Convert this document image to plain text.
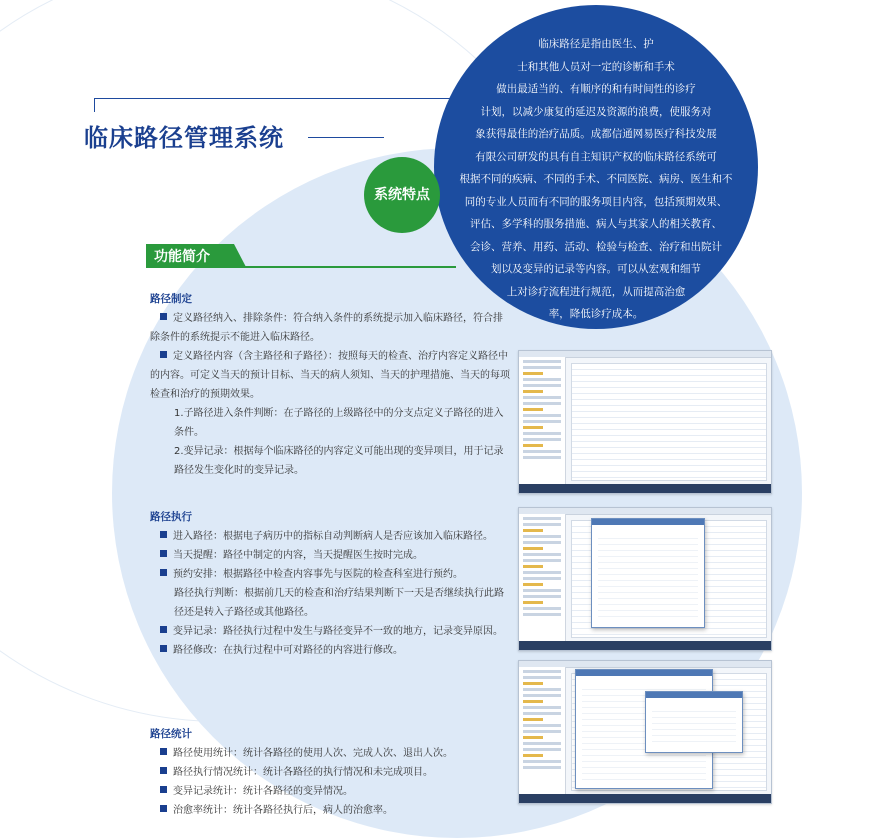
临床路径管理系统
临床路径是指由医生、护
士和其他人员对一定的诊断和手术
做出最适当的、有顺序的和有时间性的诊疗
计划，以减少康复的延迟及资源的浪费，使服务对
象获得最佳的治疗品质。成都信通网易医疗科技发展
有限公司研发的具有自主知识产权的临床路径系统可
根据不同的疾病、不同的手术、不同医院、病房、医生和不
同的专业人员而有不同的服务项目内容，包括预期效果、
评估、多学科的服务措施、病人与其家人的相关教育、
会诊、营养、用药、活动、检验与检查、治疗和出院计
划以及变异的记录等内容。可以从宏观和细节
上对诊疗流程进行规范，从而提高治愈
率，降低诊疗成本。
系统特点
功能简介
路径制定

定义路径纳入、排除条件：符合纳入条件的系统提示加入临床路径，符合排除条件的系统提示不能进入临床路径。

定义路径内容（含主路径和子路径）：按照每天的检查、治疗内容定义路径中的内容。可定义当天的预计目标、当天的病人须知、当天的护理措施、当天的每项检查和治疗的预期效果。

1.子路径进入条件判断：在子路径的上级路径中的分支点定义子路径的进入条件。

2.变异记录：根据每个临床路径的内容定义可能出现的变异项目，用于记录路径发生变化时的变异记录。

路径执行

进入路径：根据电子病历中的指标自动判断病人是否应该加入临床路径。

当天提醒：路径中制定的内容，当天提醒医生按时完成。

预约安排：根据路径中检查内容事先与医院的检查科室进行预约。

路径执行判断：根据前几天的检查和治疗结果判断下一天是否继续执行此路径还是转入子路径或其他路径。

变异记录：路径执行过程中发生与路径变异不一致的地方，记录变异原因。

路径修改：在执行过程中可对路径的内容进行修改。

路径统计

路径使用统计：统计各路径的使用人次、完成人次、退出人次。

路径执行情况统计：统计各路径的执行情况和未完成项目。

变异记录统计：统计各路径的变异情况。

治愈率统计：统计各路径执行后，病人的治愈率。
